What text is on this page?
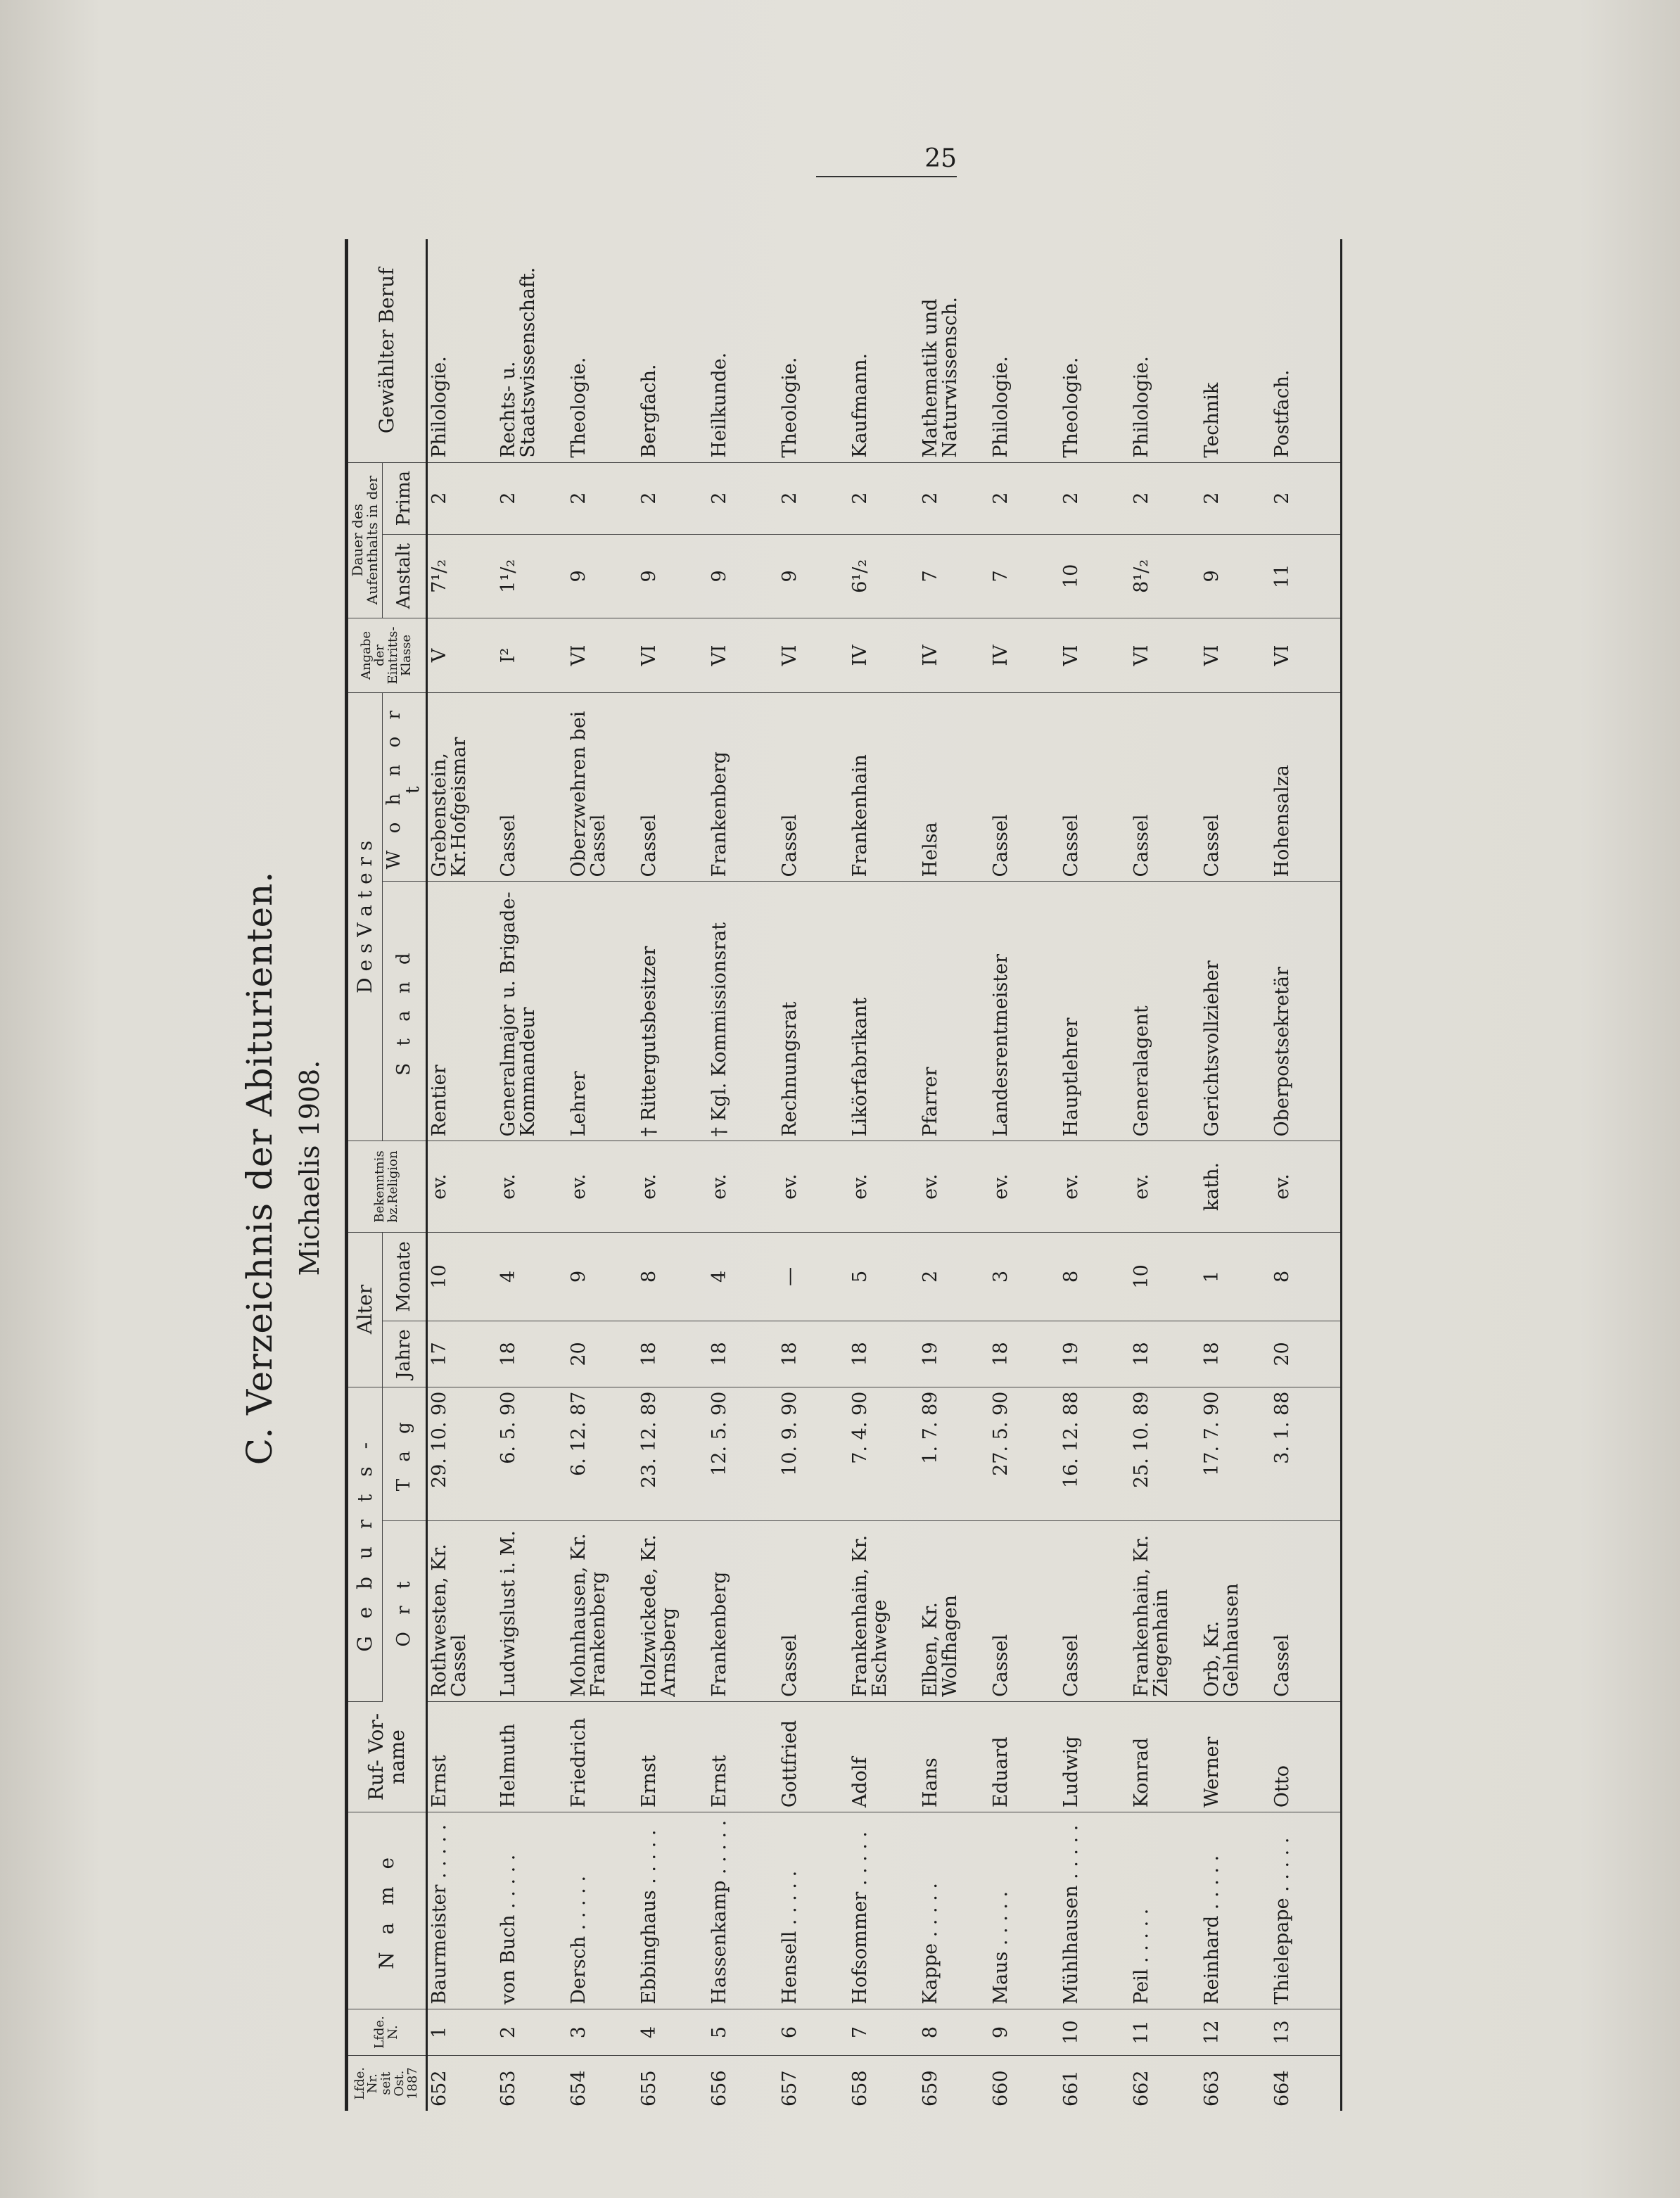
25
C. Verzeichnis der Abiturienten. Michaelis 1908.
Lfde. Nr. seit Ost. 1887	Lfde. N.	N a m e	Ruf- Vor- name	G e b u r t s -		Alter		Bekenntnis bz.Religion	D e s V a t e r s		Angabe der Eintritts-Klasse	Dauer des Aufenthalts in der		Gewählter Beruf
				O r t	T a g	Jahre	Monate		S t a n d	W o h n o r t		Anstalt	Prima	
652	1	Baurmeister . . .	Ernst	Rothwesten, Kr. Cassel	29. 10. 90	17	10	ev.	Rentier	Grebenstein, Kr.Hofgeismar	V	7¹/₂	2	Philologie.
653	2	von Buch . . .	Helmuth	Ludwigslust i. M.	6. 5. 90	18	4	ev.	Generalmajor u. Brigade-Kommandeur	Cassel	I²	1¹/₂	2	Rechts- u. Staatswissenschaft.
654	3	Dersch . . .	Friedrich	Mohnhausen, Kr. Frankenberg	6. 12. 87	20	9	ev.	Lehrer	Oberzwehren bei Cassel	VI	9	2	Theologie.
655	4	Ebbinghaus . . .	Ernst	Holzwickede, Kr. Arnsberg	23. 12. 89	18	8	ev.	† Rittergutsbesitzer	Cassel	VI	9	2	Bergfach.
656	5	Hassenkamp . . .	Ernst	Frankenberg	12. 5. 90	18	4	ev.	† Kgl. Kommissionsrat	Frankenberg	VI	9	2	Heilkunde.
657	6	Hensell . . .	Gottfried	Cassel	10. 9. 90	18	—	ev.	Rechnungsrat	Cassel	VI	9	2	Theologie.
658	7	Hofsommer . . .	Adolf	Frankenhain, Kr. Eschwege	7. 4. 90	18	5	ev.	Likörfabrikant	Frankenhain	IV	6¹/₂	2	Kaufmann.
659	8	Kappe . . .	Hans	Elben, Kr. Wolfhagen	1. 7. 89	19	2	ev.	Pfarrer	Helsa	IV	7	2	Mathematik und Naturwissensch.
660	9	Maus . . .	Eduard	Cassel	27. 5. 90	18	3	ev.	Landesrentmeister	Cassel	IV	7	2	Philologie.
661	10	Mühlhausen . . .	Ludwig	Cassel	16. 12. 88	19	8	ev.	Hauptlehrer	Cassel	VI	10	2	Theologie.
662	11	Peil . . .	Konrad	Frankenhain, Kr. Ziegenhain	25. 10. 89	18	10	ev.	Generalagent	Cassel	VI	8¹/₂	2	Philologie.
663	12	Reinhard . . .	Werner	Orb, Kr. Gelnhausen	17. 7. 90	18	1	kath.	Gerichtsvollzieher	Cassel	VI	9	2	Technik
664	13	Thielepape . . .	Otto	Cassel	3. 1. 88	20	8	ev.	Oberpostsekretär	Hohensalza	VI	11	2	Postfach.
